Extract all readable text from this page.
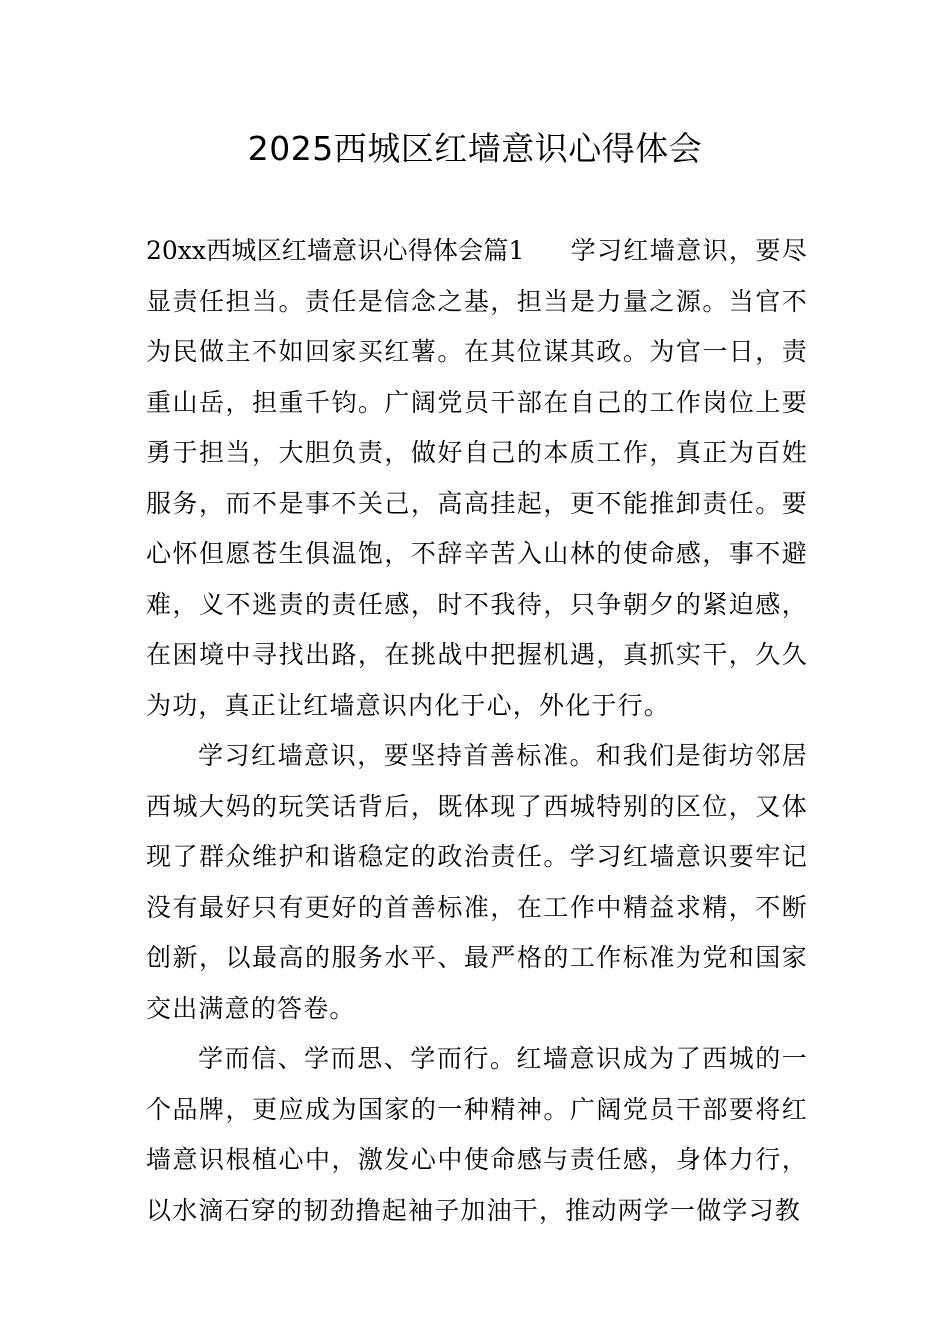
2025西城区红墙意识心得体会

20xx西城区红墙意识心得体会篇1 学习红墙意识，要尽显责任担当。责任是信念之基，担当是力量之源。当官不为民做主不如回家买红薯。在其位谋其政。为官一日，责重山岳，担重千钧。广阔党员干部在自己的工作岗位上要勇于担当，大胆负责，做好自己的本质工作，真正为百姓服务，而不是事不关己，高高挂起，更不能推卸责任。要心怀但愿苍生俱温饱，不辞辛苦入山林的使命感，事不避难，义不逃责的责任感，时不我待，只争朝夕的紧迫感，在困境中寻找出路，在挑战中把握机遇，真抓实干，久久为功，真正让红墙意识内化于心，外化于行。

学习红墙意识，要坚持首善标准。和我们是街坊邻居西城大妈的玩笑话背后，既体现了西城特别的区位，又体现了群众维护和谐稳定的政治责任。学习红墙意识要牢记没有最好只有更好的首善标准，在工作中精益求精，不断创新，以最高的服务水平、最严格的工作标准为党和国家交出满意的答卷。

学而信、学而思、学而行。红墙意识成为了西城的一个品牌，更应成为国家的一种精神。广阔党员干部要将红墙意识根植心中，激发心中使命感与责任感，身体力行，以水滴石穿的韧劲撸起袖子加油干，推动两学一做学习教
